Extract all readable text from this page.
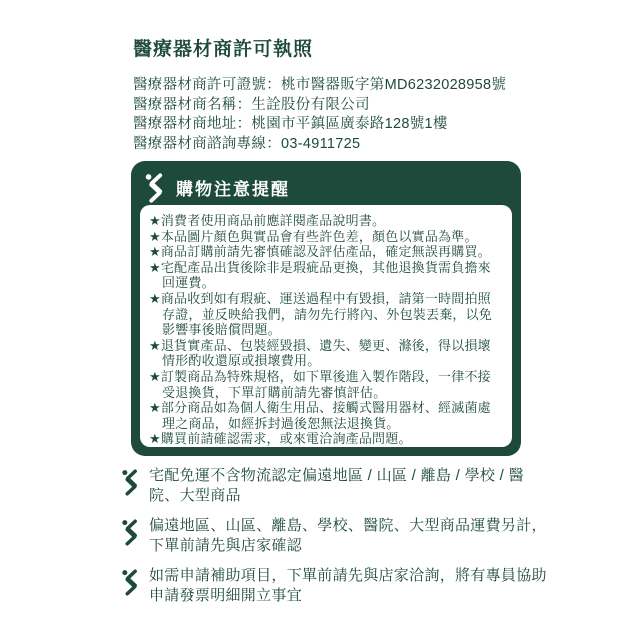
醫療器材商許可執照
醫療器材商許可證號：桃市醫器販字第MD6232028958號
醫療器材商名稱：生詮股份有限公司
醫療器材商地址：桃園市平鎮區廣泰路128號1樓
醫療器材商諮詢專線：03-4911725
購物注意提醒
★消費者使用商品前應詳閱產品說明書。
★本品圖片顏色與實品會有些許色差，顏色以實品為準。
★商品訂購前請先審慎確認及評估產品，確定無誤再購買。
★宅配產品出貨後除非是瑕疵品更換，其他退換貨需負擔來回運費。
★商品收到如有瑕疵、運送過程中有毀損，請第一時間拍照存證，並反映給我們，請勿先行將內、外包裝丟棄，以免影響事後賠償問題。
★退貨實產品、包裝經毀損、遺失、變更、滌後，得以損壞情形酌收還原或損壞費用。
★訂製商品為特殊規格，如下單後進入製作階段，一律不接受退換貨，下單訂購前請先審慎評估。
★部分商品如為個人衛生用品、接觸式醫用器材、經滅菌處理之商品，如經拆封過後恕無法退換貨。
★購買前請確認需求，或來電洽詢產品問題。
宅配免運不含物流認定偏遠地區 / 山區 / 離島 / 學校 / 醫院、大型商品
偏遠地區、山區、離島、學校、醫院、大型商品運費另計，下單前請先與店家確認
如需申請補助項目，下單前請先與店家洽詢，將有專員協助申請發票明細開立事宜
